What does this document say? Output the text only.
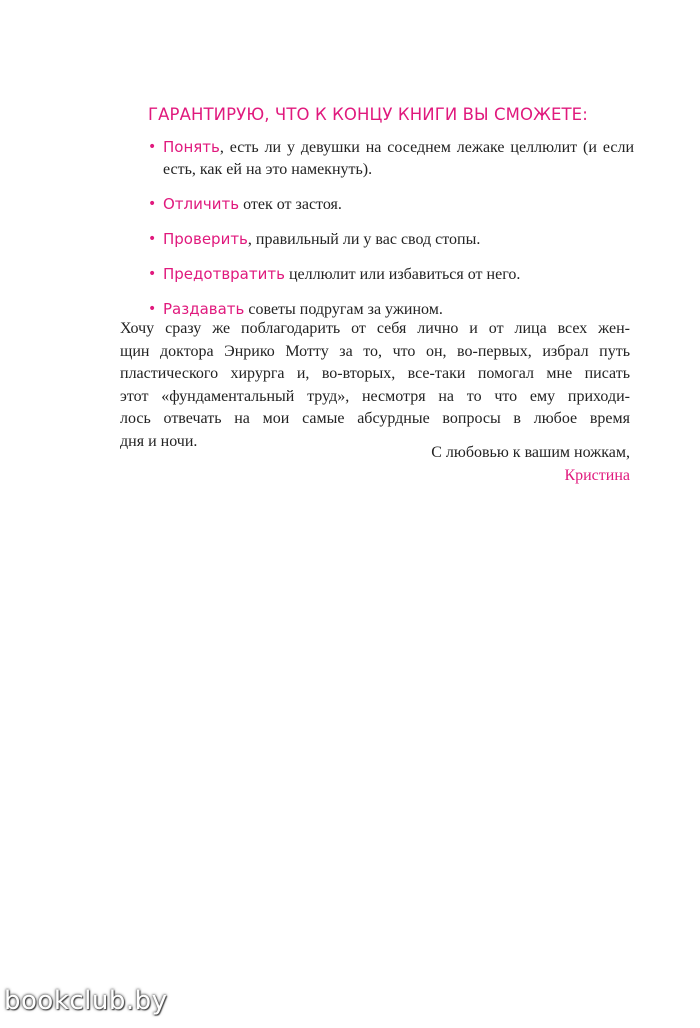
ГАРАНТИРУЮ, ЧТО К КОНЦУ КНИГИ ВЫ СМОЖЕТЕ:
• Понять, есть ли у девушки на соседнем лежаке целлюлит (и если есть, как ей на это намекнуть).
• Отличить отек от застоя.
• Проверить, правильный ли у вас свод стопы.
• Предотвратить целлюлит или избавиться от него.
• Раздавать советы подругам за ужином.

Хочу сразу же поблагодарить от себя лично и от лица всех жен-
щин доктора Энрико Мотту за то, что он, во-первых, избрал путь
пластического хирурга и, во-вторых, все-таки помогал мне писать
этот «фундаментальный труд», несмотря на то что ему приходи-
лось отвечать на мои самые абсурдные вопросы в любое время
дня и ночи.

С любовью к вашим ножкам,
Кристина
bookclub.by
